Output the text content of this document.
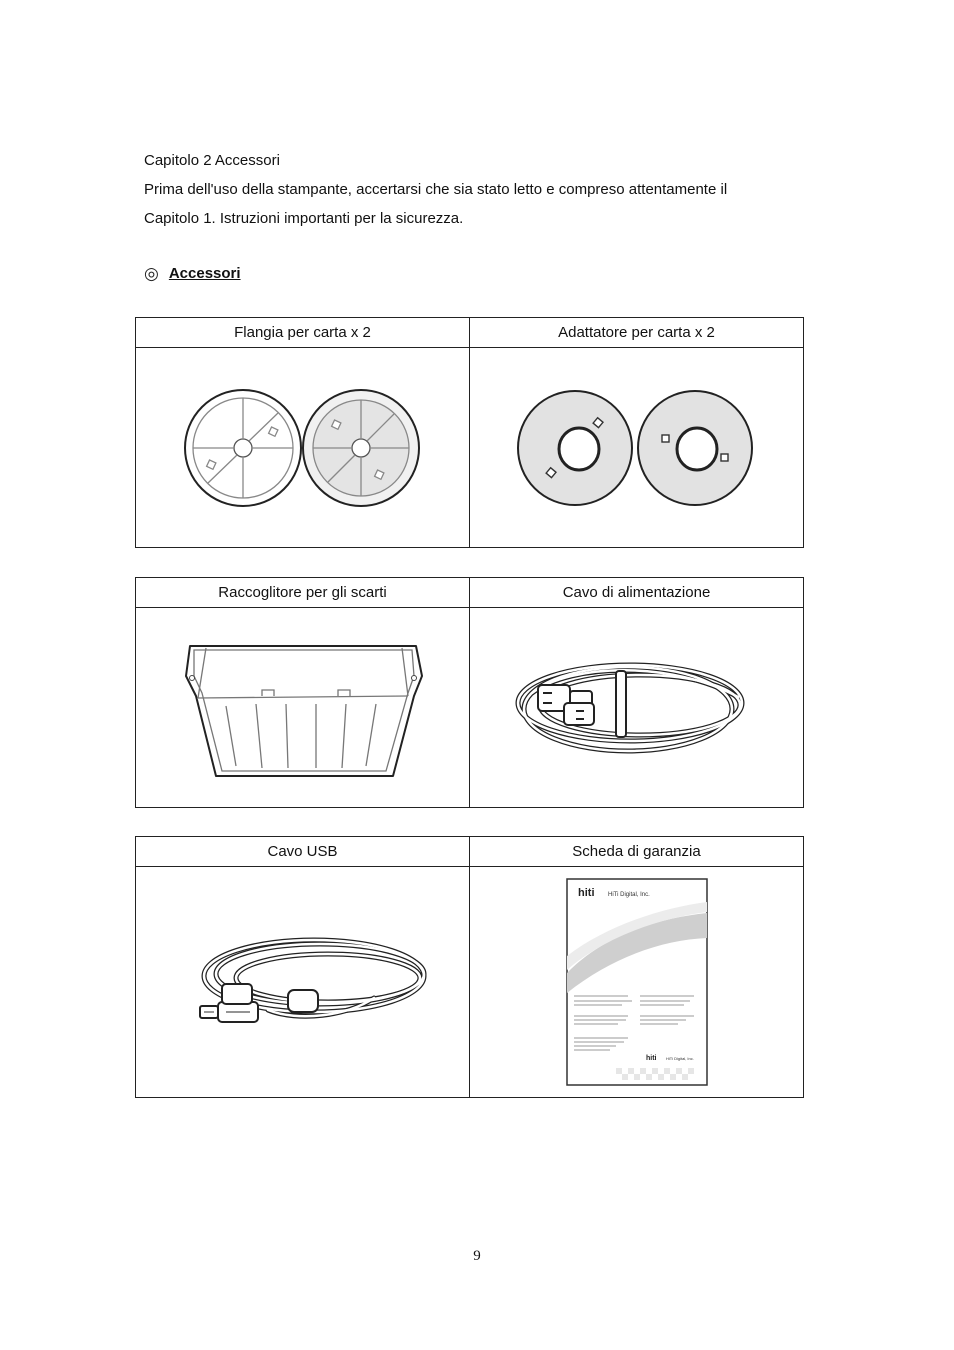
Capitolo 2 Accessori

Prima dell'uso della stampante, accertarsi che sia stato letto e compreso attentamente il

Capitolo 1. Istruzioni importanti per la sicurezza.

◎ Accessori
Flangia per carta x 2	Adattatore per carta x 2

Raccoglitore per gli scarti	Cavo di alimentazione

Cavo USB	Scheda di garanzia

hiti HiTi Digital, Inc.
hiti HiTi Digital, Inc.
9
